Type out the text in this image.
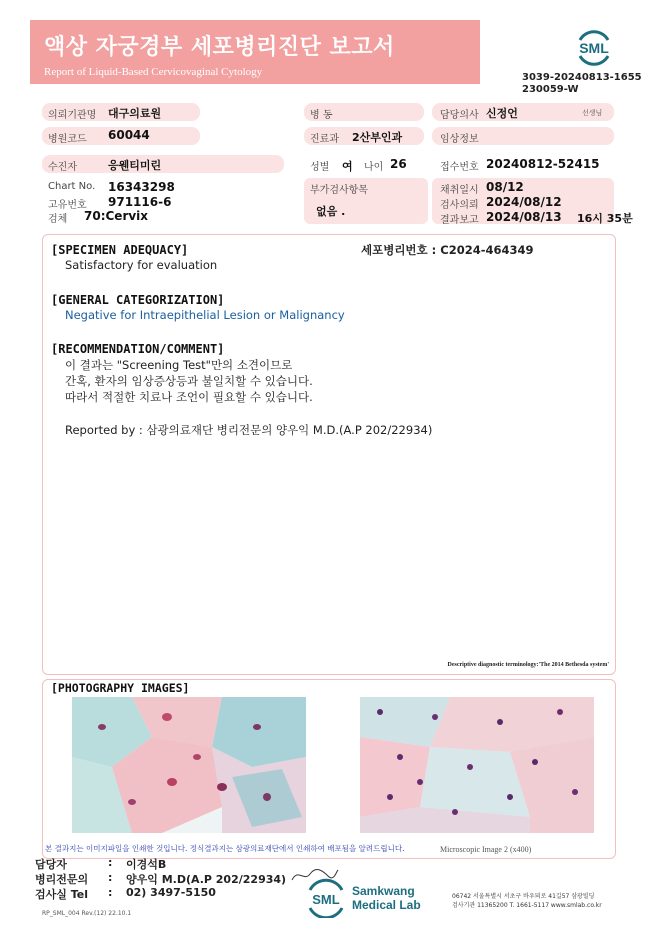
액상 자궁경부 세포병리진단 보고서
Report of Liquid-Based Cervicovaginal Cytology
SML
3039-20240813-1655
230059-W
의뢰기관명 대구의료원	병 동	담당의사 신정언	선생님
병원코드 60044	진료과 2산부인과	임상정보
수진자	응웬티미린	성별 여 나이 26	접수번호 20240812-52415
Chart No. 16343298
고유번호 971116-6
검체 70:Cervix
부가검사항목
없음 .
채취일시 08/12
검사의뢰 2024/08/12
결과보고 2024/08/13 16시 35분
[SPECIMEN ADEQUACY]	세포병리번호 : C2024-464349
Satisfactory for evaluation
[GENERAL CATEGORIZATION]
Negative for Intraepithelial Lesion or Malignancy
[RECOMMENDATION/COMMENT]
이 결과는 "Screening Test"만의 소견이므로
간혹, 환자의 임상증상등과 불일치할 수 있습니다.
따라서 적절한 치료나 조언이 필요할 수 있습니다.
Reported by : 삼광의료재단 병리전문의 양우익 M.D.(A.P 202/22934)
Descriptive diagnostic terminology:'The 2014 Bethesda system'
[PHOTOGRAPHY IMAGES]
본 결과지는 이미지파일을 인쇄한 것입니다. 정식결과지는 삼광의료재단에서 인쇄하여 배포됨을 알려드립니다.	Microscopic Image 2 (x400)
담당자	: 이경석B
병리전문의 : 양우익 M.D(A.P 202/22934)
검사실 Tel : 02) 3497-5150	SML
Samkwang
Medical Lab
06742 서울특별시 서초구 바우뫼로 41길57 삼광빌딩
검사기관 11365200 T. 1661-5117 www.smlab.co.kr
RP_SML_004 Rev.(12) 22.10.1
